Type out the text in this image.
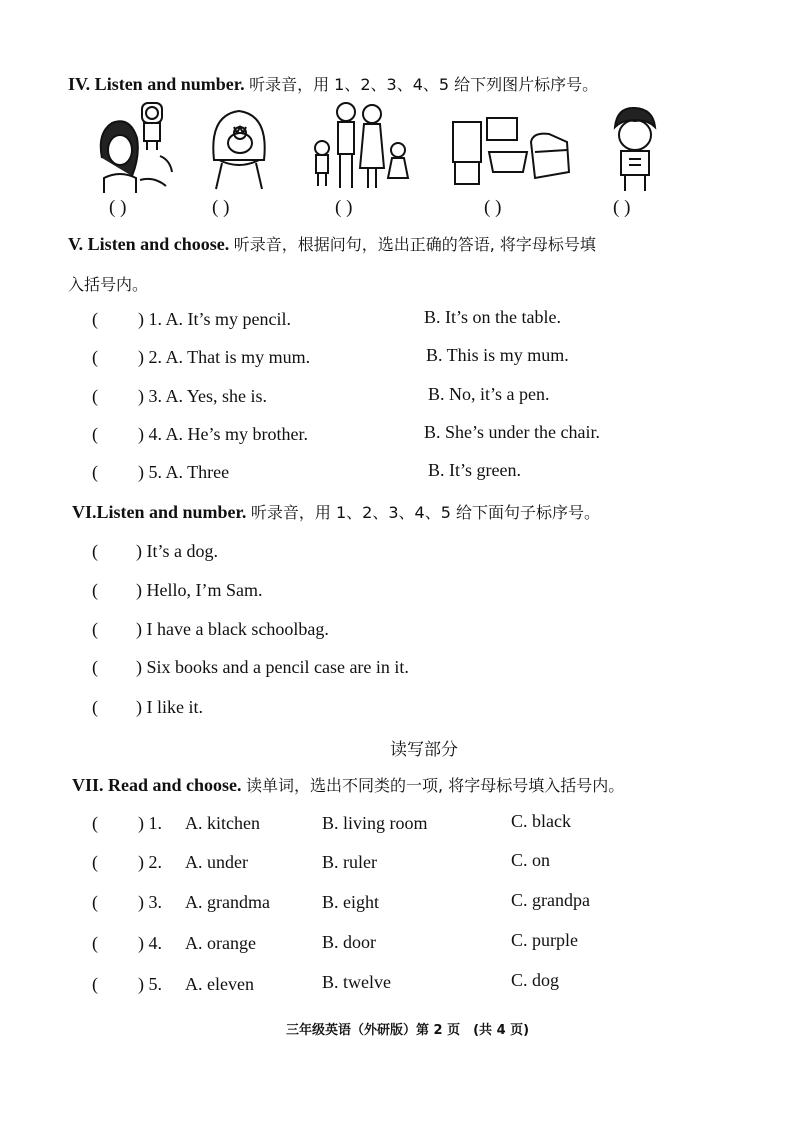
IV. Listen and number. 听录音，用 1、2、3、4、5 给下列图片标序号。
( )	( )	( )	( )	( )
V. Listen and choose. 听录音，根据问句，选出正确的答语, 将字母标号填
入括号内。
( ) 1. A. It’s my pencil.	B. It’s on the table.
( ) 2. A. That is my mum.	B. This is my mum.
( ) 3. A. Yes, she is.	B. No, it’s a pen.
( ) 4. A. He’s my brother.	B. She’s under the chair.
( ) 5. A. Three	B. It’s green.
VI.Listen and number. 听录音，用 1、2、3、4、5 给下面句子标序号。
( ) It’s a dog.
( ) Hello, I’m Sam.
( ) I have a black schoolbag.
( ) Six books and a pencil case are in it.
( ) I like it.
读写部分
VII. Read and choose. 读单词，选出不同类的一项, 将字母标号填入括号内。
( ) 1. A. kitchen	B. living room	C. black
( ) 2. A. under	B. ruler	C. on
( ) 3. A. grandma	B. eight	C. grandpa
( ) 4. A. orange	B. door	C. purple
( ) 5. A. eleven	B. twelve	C. dog
三年级英语（外研版）第 2 页　(共 4 页)
